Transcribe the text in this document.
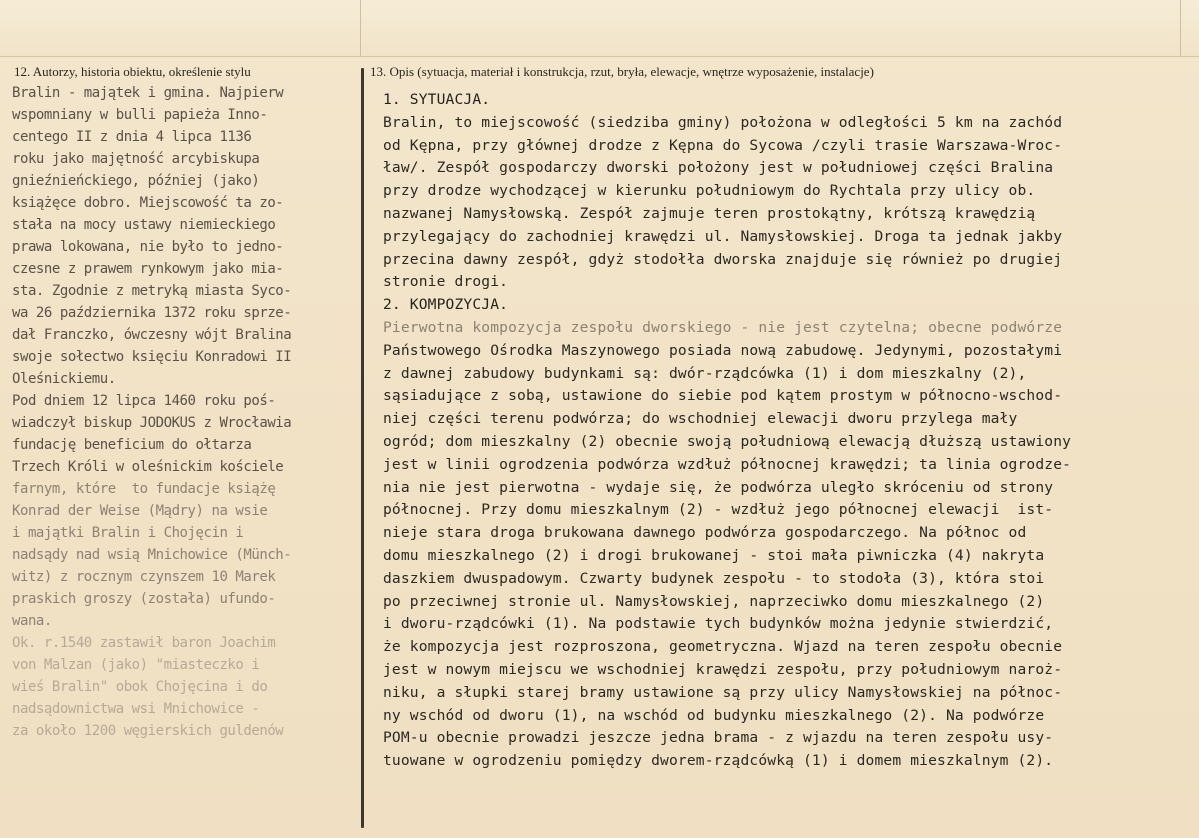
12. Autorzy, historia obiektu, określenie stylu	13. Opis (sytuacja, materiał i konstrukcja, rzut, bryła, elewacje, wnętrze wyposażenie, instalacje)
Bralin - majątek i gmina. Najpierw
wspomniany w bulli papieża Inno-
centego II z dnia 4 lipca 1136
roku jako majętność arcybiskupa
gnieźnieńckiego, później (jako)
książęce dobro. Miejscowość ta zo-
stała na mocy ustawy niemieckiego
prawa lokowana, nie było to jedno-
czesne z prawem rynkowym jako mia-
sta. Zgodnie z metryką miasta Syco-
wa 26 października 1372 roku sprze-
dał Franczko, ówczesny wójt Bralina
swoje sołectwo księciu Konradowi II
Oleśnickiemu.
Pod dniem 12 lipca 1460 roku poś-
wiadczył biskup JODOKUS z Wrocławia
fundację beneficium do ołtarza
Trzech Króli w oleśnickim kościele
farnym, które  to fundacje książę
Konrad der Weise (Mądry) na wsie
i majątki Bralin i Chojęcin i
nadsądy nad wsią Mnichowice (Münch-
witz) z rocznym czynszem 10 Marek
praskich groszy (została) ufundo-
wana.
Ok. r.1540 zastawił baron Joachim
von Malzan (jako) "miasteczko i
wieś Bralin" obok Chojęcina i do
nadsądownictwa wsi Mnichowice -
za około 1200 węgierskich guldenów
1. SYTUACJA.
Bralin, to miejscowość (siedziba gminy) położona w odległości 5 km na zachód
od Kępna, przy głównej drodze z Kępna do Sycowa /czyli trasie Warszawa-Wroc-
ław/. Zespół gospodarczy dworski położony jest w południowej części Bralina
przy drodze wychodzącej w kierunku południowym do Rychtala przy ulicy ob.
nazwanej Namysłowską. Zespół zajmuje teren prostokątny, krótszą krawędzią
przylegający do zachodniej krawędzi ul. Namysłowskiej. Droga ta jednak jakby
przecina dawny zespół, gdyż stodołła dworska znajduje się również po drugiej
stronie drogi.
2. KOMPOZYCJA.
Pierwotna kompozycja zespołu dworskiego - nie jest czytelna; obecne podwórze
Państwowego Ośrodka Maszynowego posiada nową zabudowę. Jedynymi, pozostałymi
z dawnej zabudowy budynkami są: dwór-rządcówka (1) i dom mieszkalny (2),
sąsiadujące z sobą, ustawione do siebie pod kątem prostym w północno-wschod-
niej części terenu podwórza; do wschodniej elewacji dworu przylega mały
ogród; dom mieszkalny (2) obecnie swoją południową elewacją dłuższą ustawiony
jest w linii ogrodzenia podwórza wzdłuż północnej krawędzi; ta linia ogrodze-
nia nie jest pierwotna - wydaje się, że podwórza uległo skróceniu od strony
północnej. Przy domu mieszkalnym (2) - wzdłuż jego północnej elewacji  ist-
nieje stara droga brukowana dawnego podwórza gospodarczego. Na północ od
domu mieszkalnego (2) i drogi brukowanej - stoi mała piwniczka (4) nakryta
daszkiem dwuspadowym. Czwarty budynek zespołu - to stodoła (3), która stoi
po przeciwnej stronie ul. Namysłowskiej, naprzeciwko domu mieszkalnego (2)
i dworu-rządcówki (1). Na podstawie tych budynków można jedynie stwierdzić,
że kompozycja jest rozproszona, geometryczna. Wjazd na teren zespołu obecnie
jest w nowym miejscu we wschodniej krawędzi zespołu, przy południowym naroż-
niku, a słupki starej bramy ustawione są przy ulicy Namysłowskiej na północ-
ny wschód od dworu (1), na wschód od budynku mieszkalnego (2). Na podwórze
POM-u obecnie prowadzi jeszcze jedna brama - z wjazdu na teren zespołu usy-
tuowane w ogrodzeniu pomiędzy dworem-rządcówką (1) i domem mieszkalnym (2).
